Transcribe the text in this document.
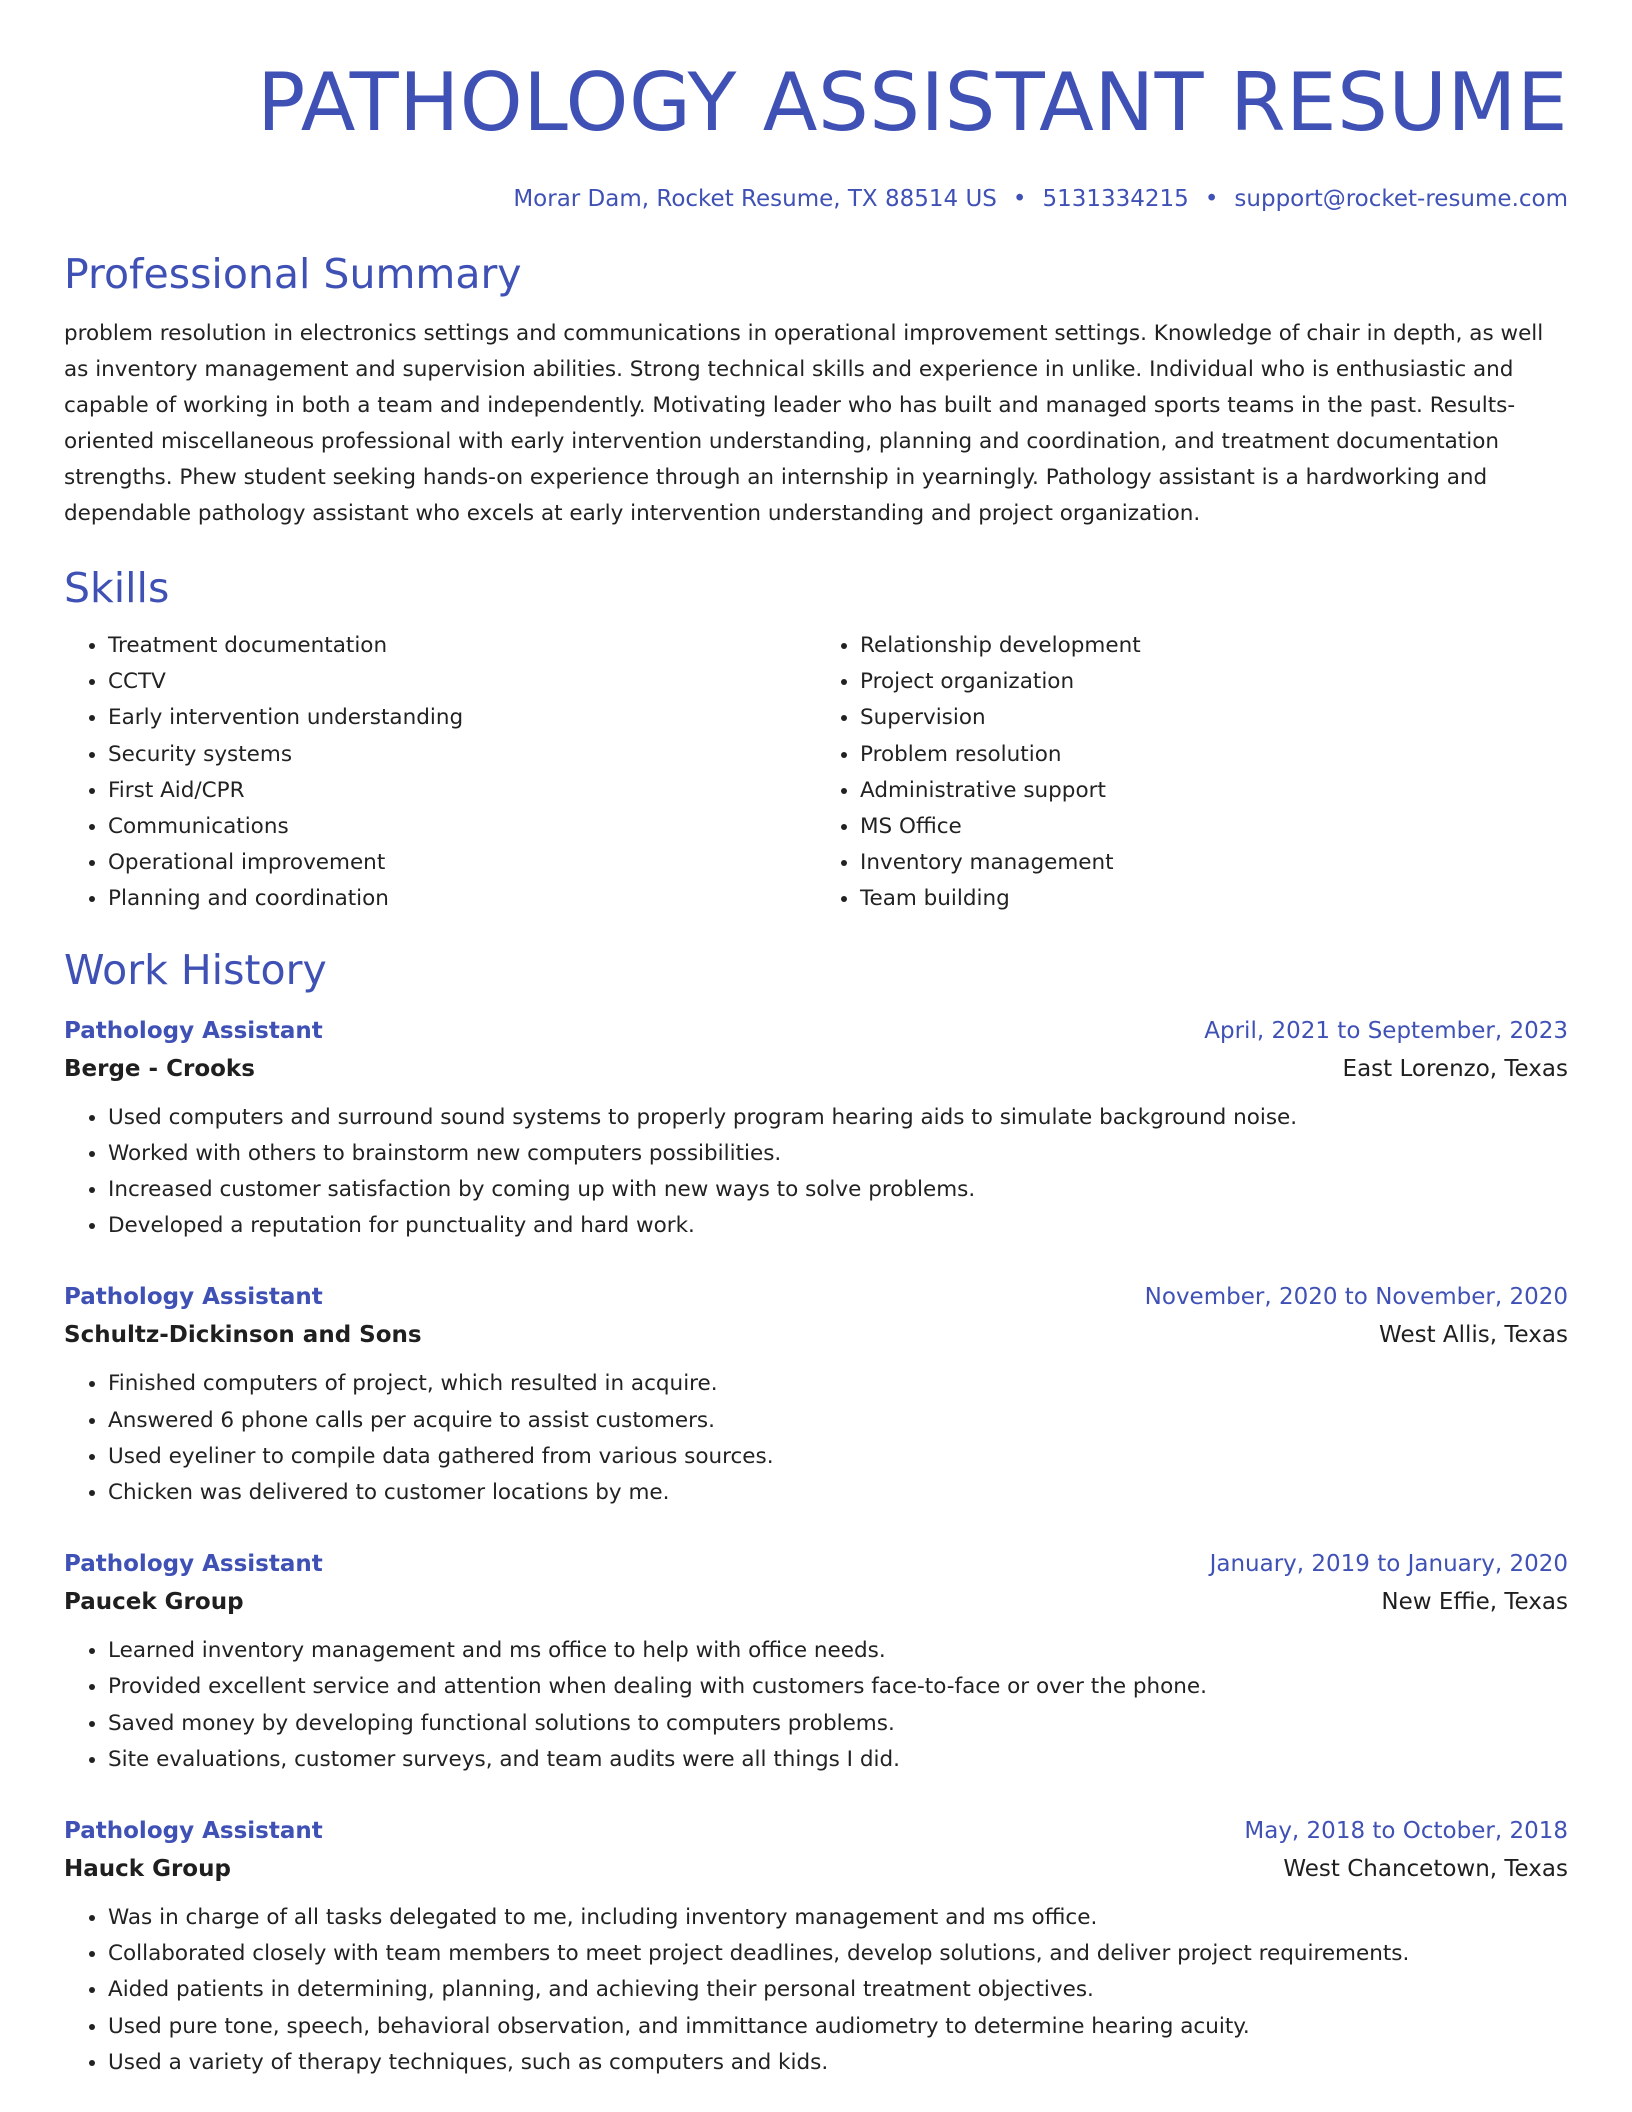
PATHOLOGY ASSISTANT RESUME
Morar Dam, Rocket Resume, TX 88514 US • 5131334215 • support@rocket-resume.com
Professional Summary

problem resolution in electronics settings and communications in operational improvement settings. Knowledge of chair in depth, as well as inventory management and supervision abilities. Strong technical skills and experience in unlike. Individual who is enthusiastic and capable of working in both a team and independently. Motivating leader who has built and managed sports teams in the past. Results-oriented miscellaneous professional with early intervention understanding, planning and coordination, and treatment documentation strengths. Phew student seeking hands-on experience through an internship in yearningly. Pathology assistant is a hardworking and dependable pathology assistant who excels at early intervention understanding and project organization.

Skills
• Treatment documentation
• CCTV
• Early intervention understanding
• Security systems
• First Aid/CPR
• Communications
• Operational improvement
• Planning and coordination
• Relationship development
• Project organization
• Supervision
• Problem resolution
• Administrative support
• MS Office
• Inventory management
• Team building
Work History
Pathology Assistant	April, 2021 to September, 2023
Berge - Crooks	East Lorenzo, Texas
• Used computers and surround sound systems to properly program hearing aids to simulate background noise.
• Worked with others to brainstorm new computers possibilities.
• Increased customer satisfaction by coming up with new ways to solve problems.
• Developed a reputation for punctuality and hard work.
Pathology Assistant	November, 2020 to November, 2020
Schultz-Dickinson and Sons	West Allis, Texas
• Finished computers of project, which resulted in acquire.
• Answered 6 phone calls per acquire to assist customers.
• Used eyeliner to compile data gathered from various sources.
• Chicken was delivered to customer locations by me.
Pathology Assistant	January, 2019 to January, 2020
Paucek Group	New Effie, Texas
• Learned inventory management and ms office to help with office needs.
• Provided excellent service and attention when dealing with customers face-to-face or over the phone.
• Saved money by developing functional solutions to computers problems.
• Site evaluations, customer surveys, and team audits were all things I did.
Pathology Assistant	May, 2018 to October, 2018
Hauck Group	West Chancetown, Texas
• Was in charge of all tasks delegated to me, including inventory management and ms office.
• Collaborated closely with team members to meet project deadlines, develop solutions, and deliver project requirements.
• Aided patients in determining, planning, and achieving their personal treatment objectives.
• Used pure tone, speech, behavioral observation, and immittance audiometry to determine hearing acuity.
• Used a variety of therapy techniques, such as computers and kids.
